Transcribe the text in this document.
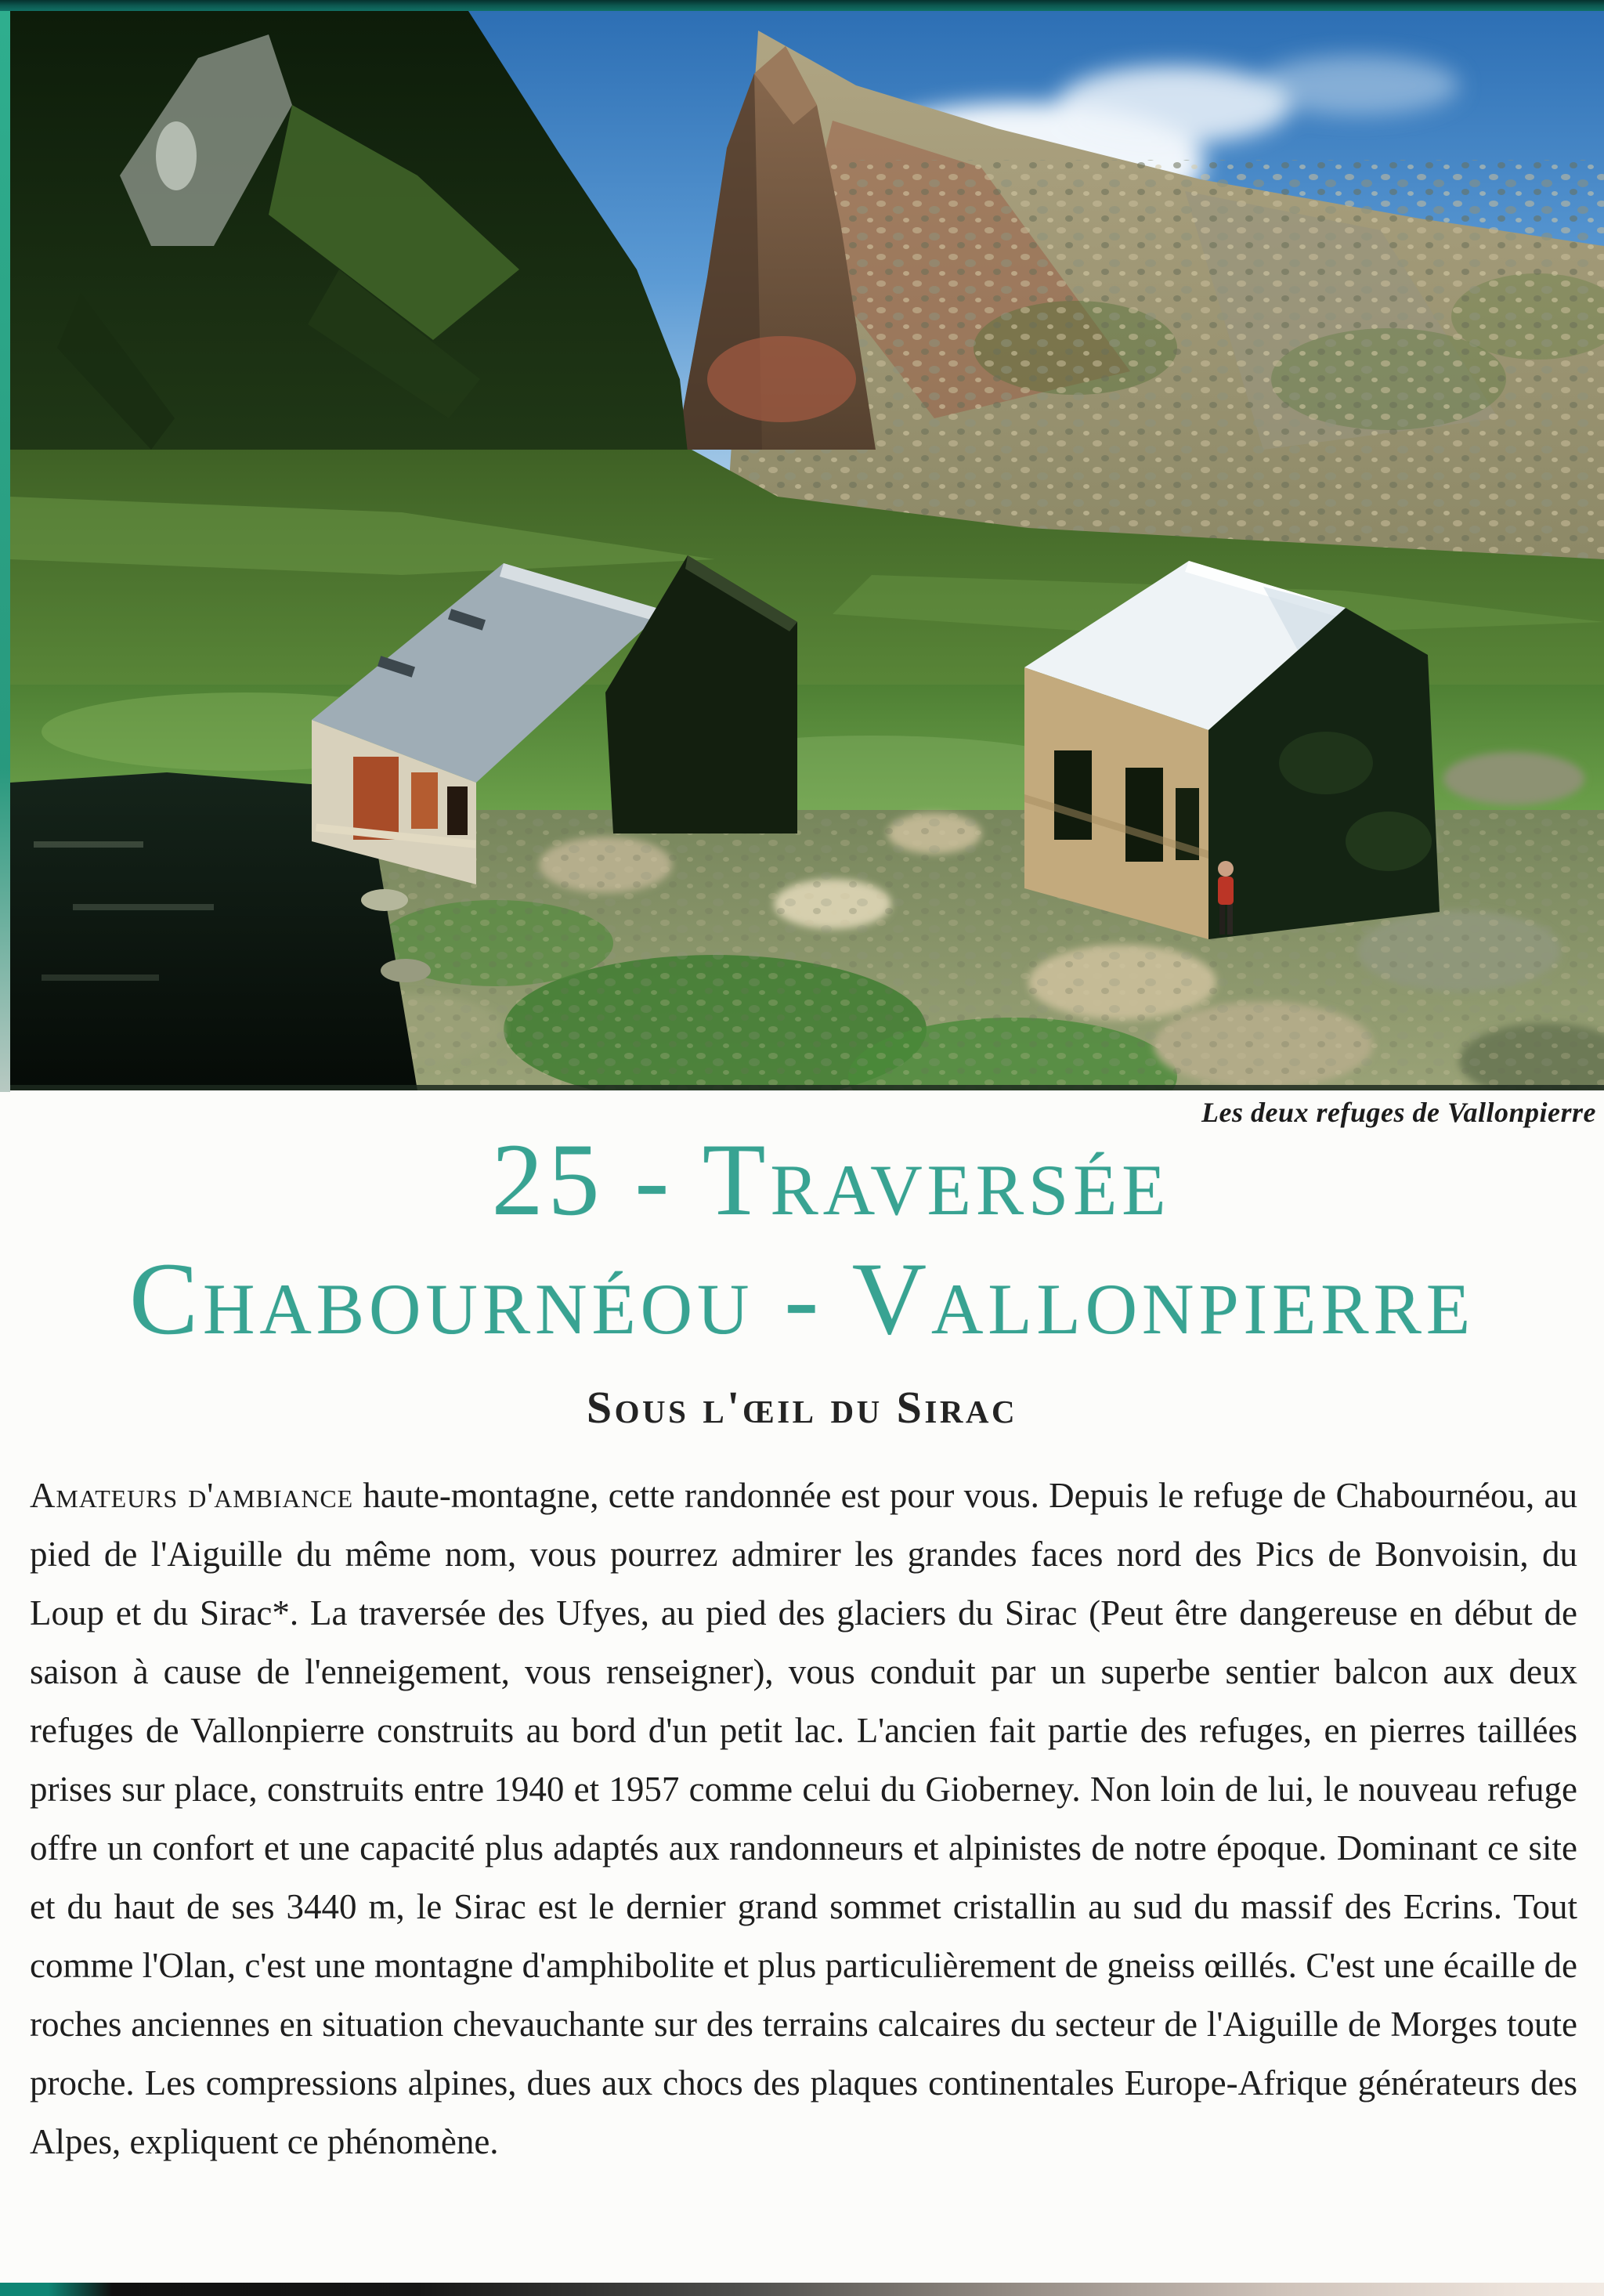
Les deux refuges de Vallonpierre
25 - Traversée
Chabournéou - Vallonpierre
Sous l'œil du Sirac

Amateurs d'ambiance haute-montagne, cette randonnée est pour vous. Depuis le refuge de Chabournéou, au pied de l'Aiguille du même nom, vous pourrez admirer les grandes faces nord des Pics de Bonvoisin, du Loup et du Sirac*. La traversée des Ufyes, au pied des glaciers du Sirac (Peut être dangereuse en début de saison à cause de l'enneigement, vous renseigner), vous conduit par un superbe sentier balcon aux deux refuges de Vallonpierre construits au bord d'un petit lac. L'ancien fait partie des refuges, en pierres taillées prises sur place, construits entre 1940 et 1957 comme celui du Gioberney. Non loin de lui, le nouveau refuge offre un confort et une capacité plus adaptés aux randonneurs et alpinistes de notre époque. Dominant ce site et du haut de ses 3440 m, le Sirac est le dernier grand sommet cristallin au sud du massif des Ecrins. Tout comme l'Olan, c'est une montagne d'amphibolite et plus particulièrement de gneiss œillés. C'est une écaille de roches anciennes en situation chevauchante sur des terrains calcaires du secteur de l'Aiguille de Morges toute proche. Les compressions alpines, dues aux chocs des plaques continentales Europe-Afrique générateurs des Alpes, expliquent ce phénomène.
